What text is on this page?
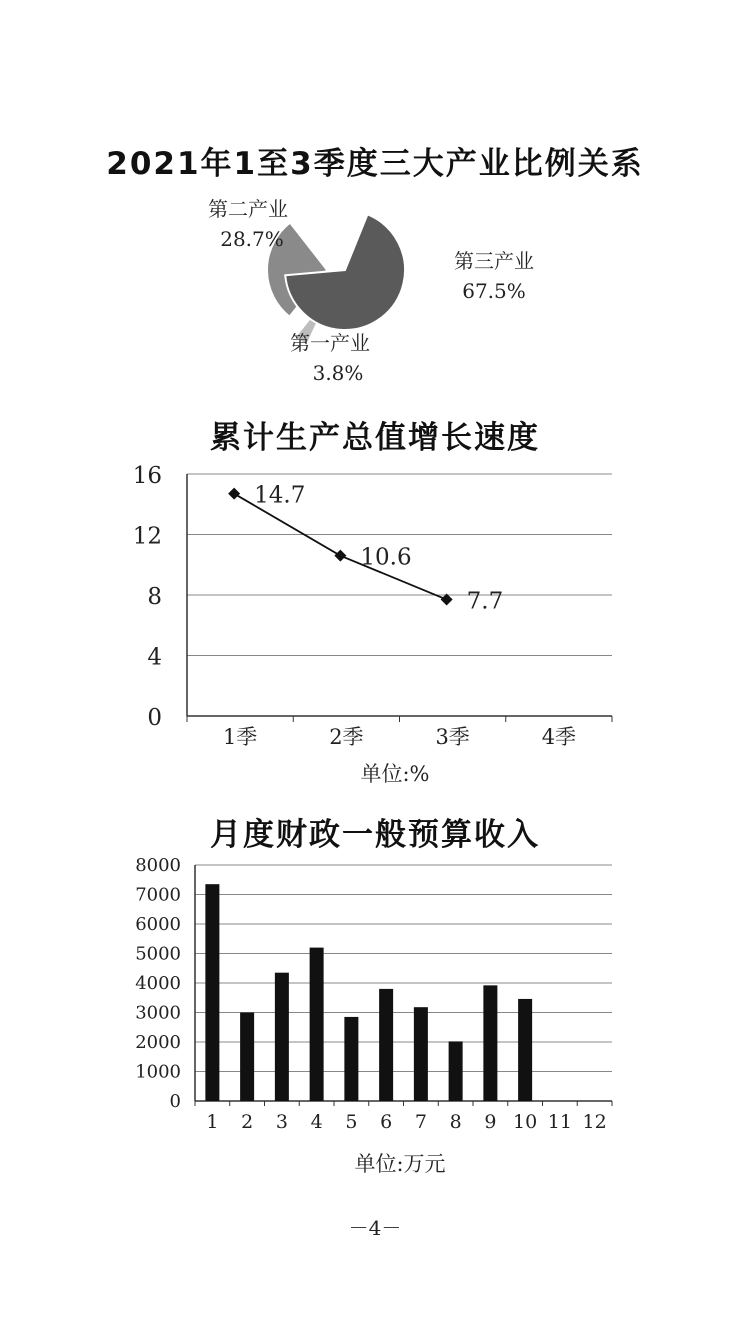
2021年1至3季度三大产业比例关系
第一产业
3.8%
第二产业
28.7%
第三产业
67.5%
累计生产总值增长速度
0
4
8
12
16
1季	2季	3季	4季
14.7
10.6
7.7
单位:%
月度财政一般预算收入
0
1000
2000
3000
4000
5000
6000
7000
8000
1 2 3 4 5 6 7 8 9 10 11 12
单位:万元
－4－
